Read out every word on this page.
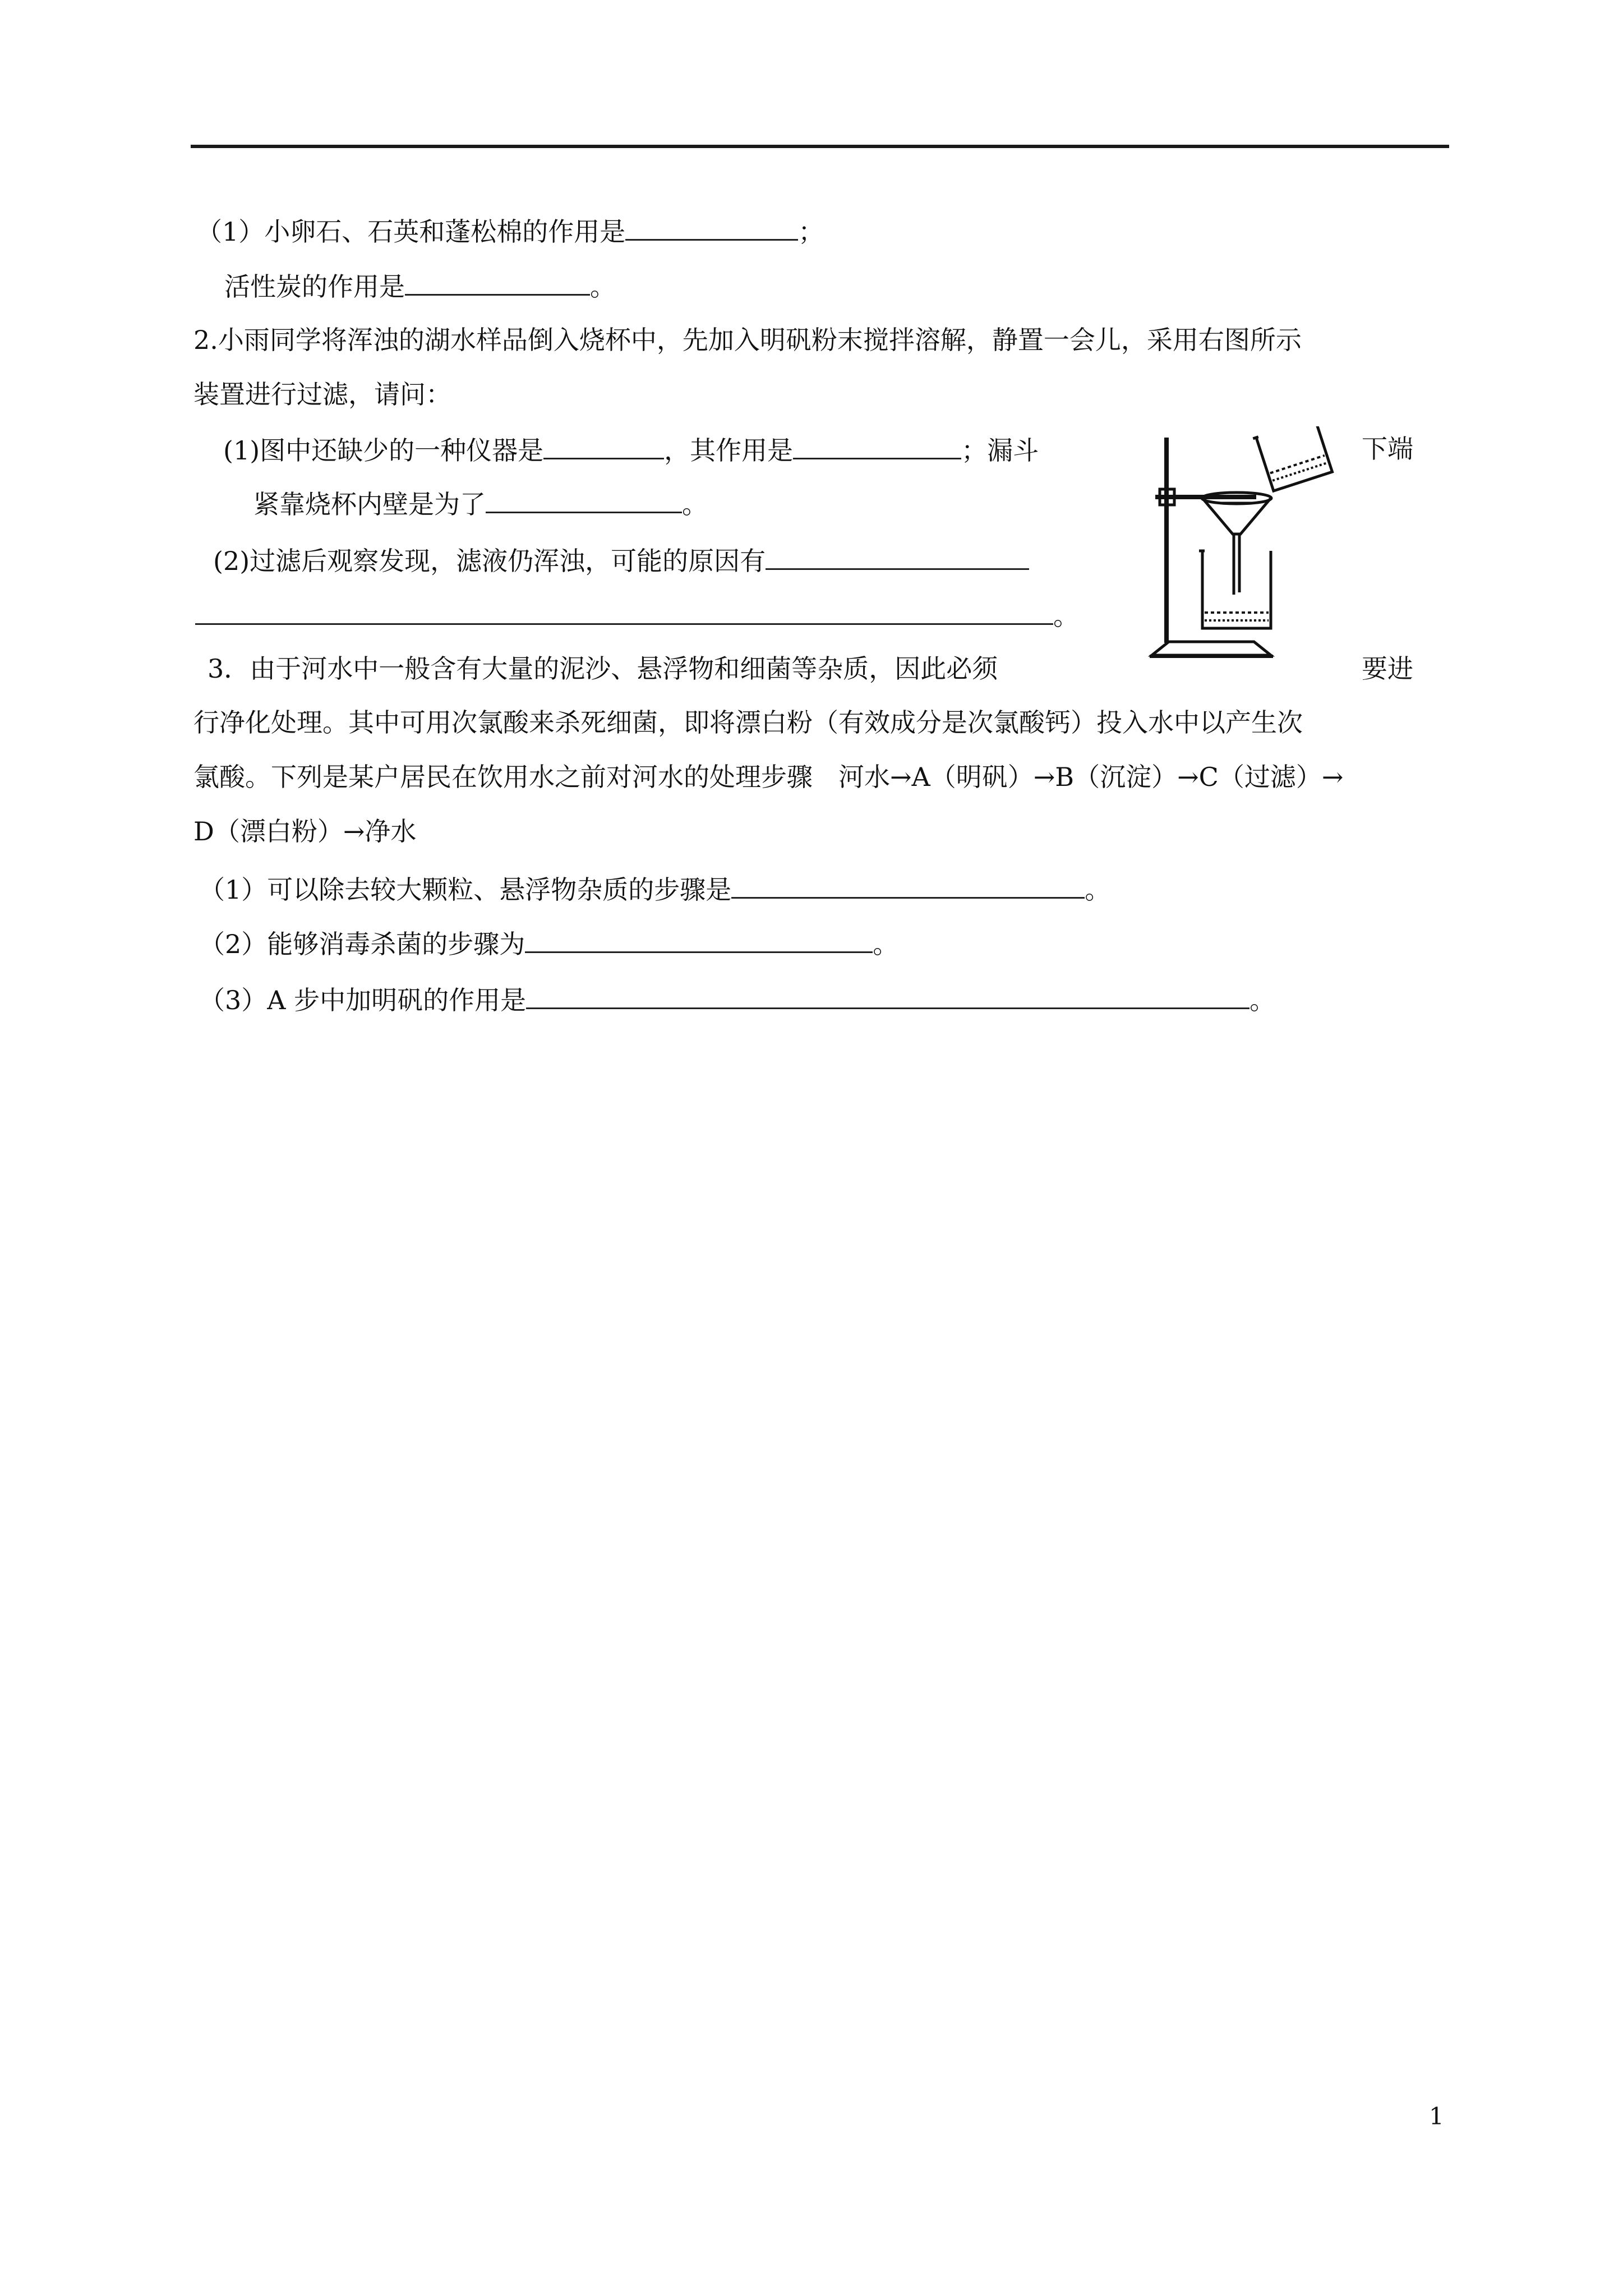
（1）小卵石、石英和蓬松棉的作用是	；
活性炭的作用是	。
2.小雨同学将浑浊的湖水样品倒入烧杯中，先加入明矾粉末搅拌溶解，静置一会儿，采用右图所示
装置进行过滤，请问：
(1)图中还缺少的一种仪器是	，其作用是	；漏斗	下端
紧靠烧杯内壁是为了	。
(2)过滤后观察发现，滤液仍浑浊，可能的原因有
。
3．由于河水中一般含有大量的泥沙、悬浮物和细菌等杂质，因此必须	要进
行净化处理。其中可用次氯酸来杀死细菌，即将漂白粉（有效成分是次氯酸钙）投入水中以产生次
氯酸。下列是某户居民在饮用水之前对河水的处理步骤　河水→A（明矾）→B（沉淀）→C（过滤）→
D（漂白粉）→净水
（1）可以除去较大颗粒、悬浮物杂质的步骤是	。
（2）能够消毒杀菌的步骤为	。
（3）A 步中加明矾的作用是	。
1
